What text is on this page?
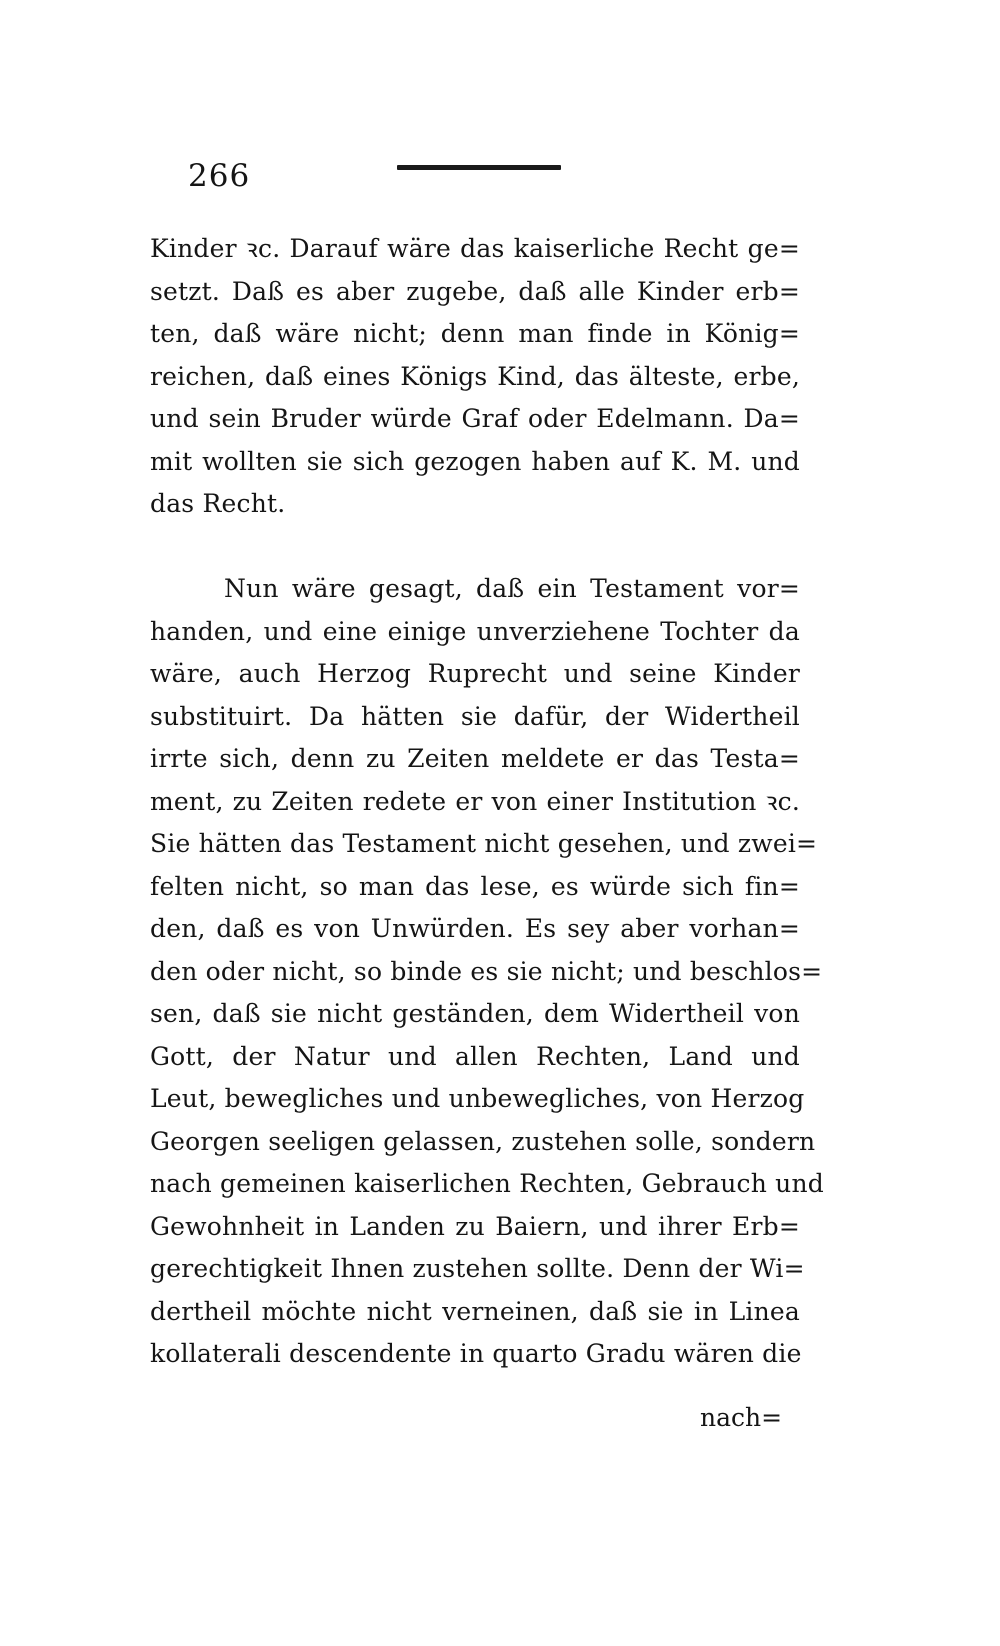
266
Kinder ꝛc. Darauf wäre das kaiserliche Recht ge=
setzt. Daß es aber zugebe, daß alle Kinder erb=
ten, daß wäre nicht; denn man finde in König=
reichen, daß eines Königs Kind, das älteste, erbe,
und sein Bruder würde Graf oder Edelmann. Da=
mit wollten sie sich gezogen haben auf K. M. und
das Recht.
Nun wäre gesagt, daß ein Testament vor=
handen, und eine einige unverziehene Tochter da
wäre, auch Herzog Ruprecht und seine Kinder
substituirt. Da hätten sie dafür, der Widertheil
irrte sich, denn zu Zeiten meldete er das Testa=
ment, zu Zeiten redete er von einer Institution ꝛc.
Sie hätten das Testament nicht gesehen, und zwei=
felten nicht, so man das lese, es würde sich fin=
den, daß es von Unwürden. Es sey aber vorhan=
den oder nicht, so binde es sie nicht; und beschlos=
sen, daß sie nicht geständen, dem Widertheil von
Gott, der Natur und allen Rechten, Land und
Leut, bewegliches und unbewegliches, von Herzog
Georgen seeligen gelassen, zustehen solle, sondern
nach gemeinen kaiserlichen Rechten, Gebrauch und
Gewohnheit in Landen zu Baiern, und ihrer Erb=
gerechtigkeit Ihnen zustehen sollte. Denn der Wi=
dertheil möchte nicht verneinen, daß sie in Linea
kollaterali descendente in quarto Gradu wären die
nach=
